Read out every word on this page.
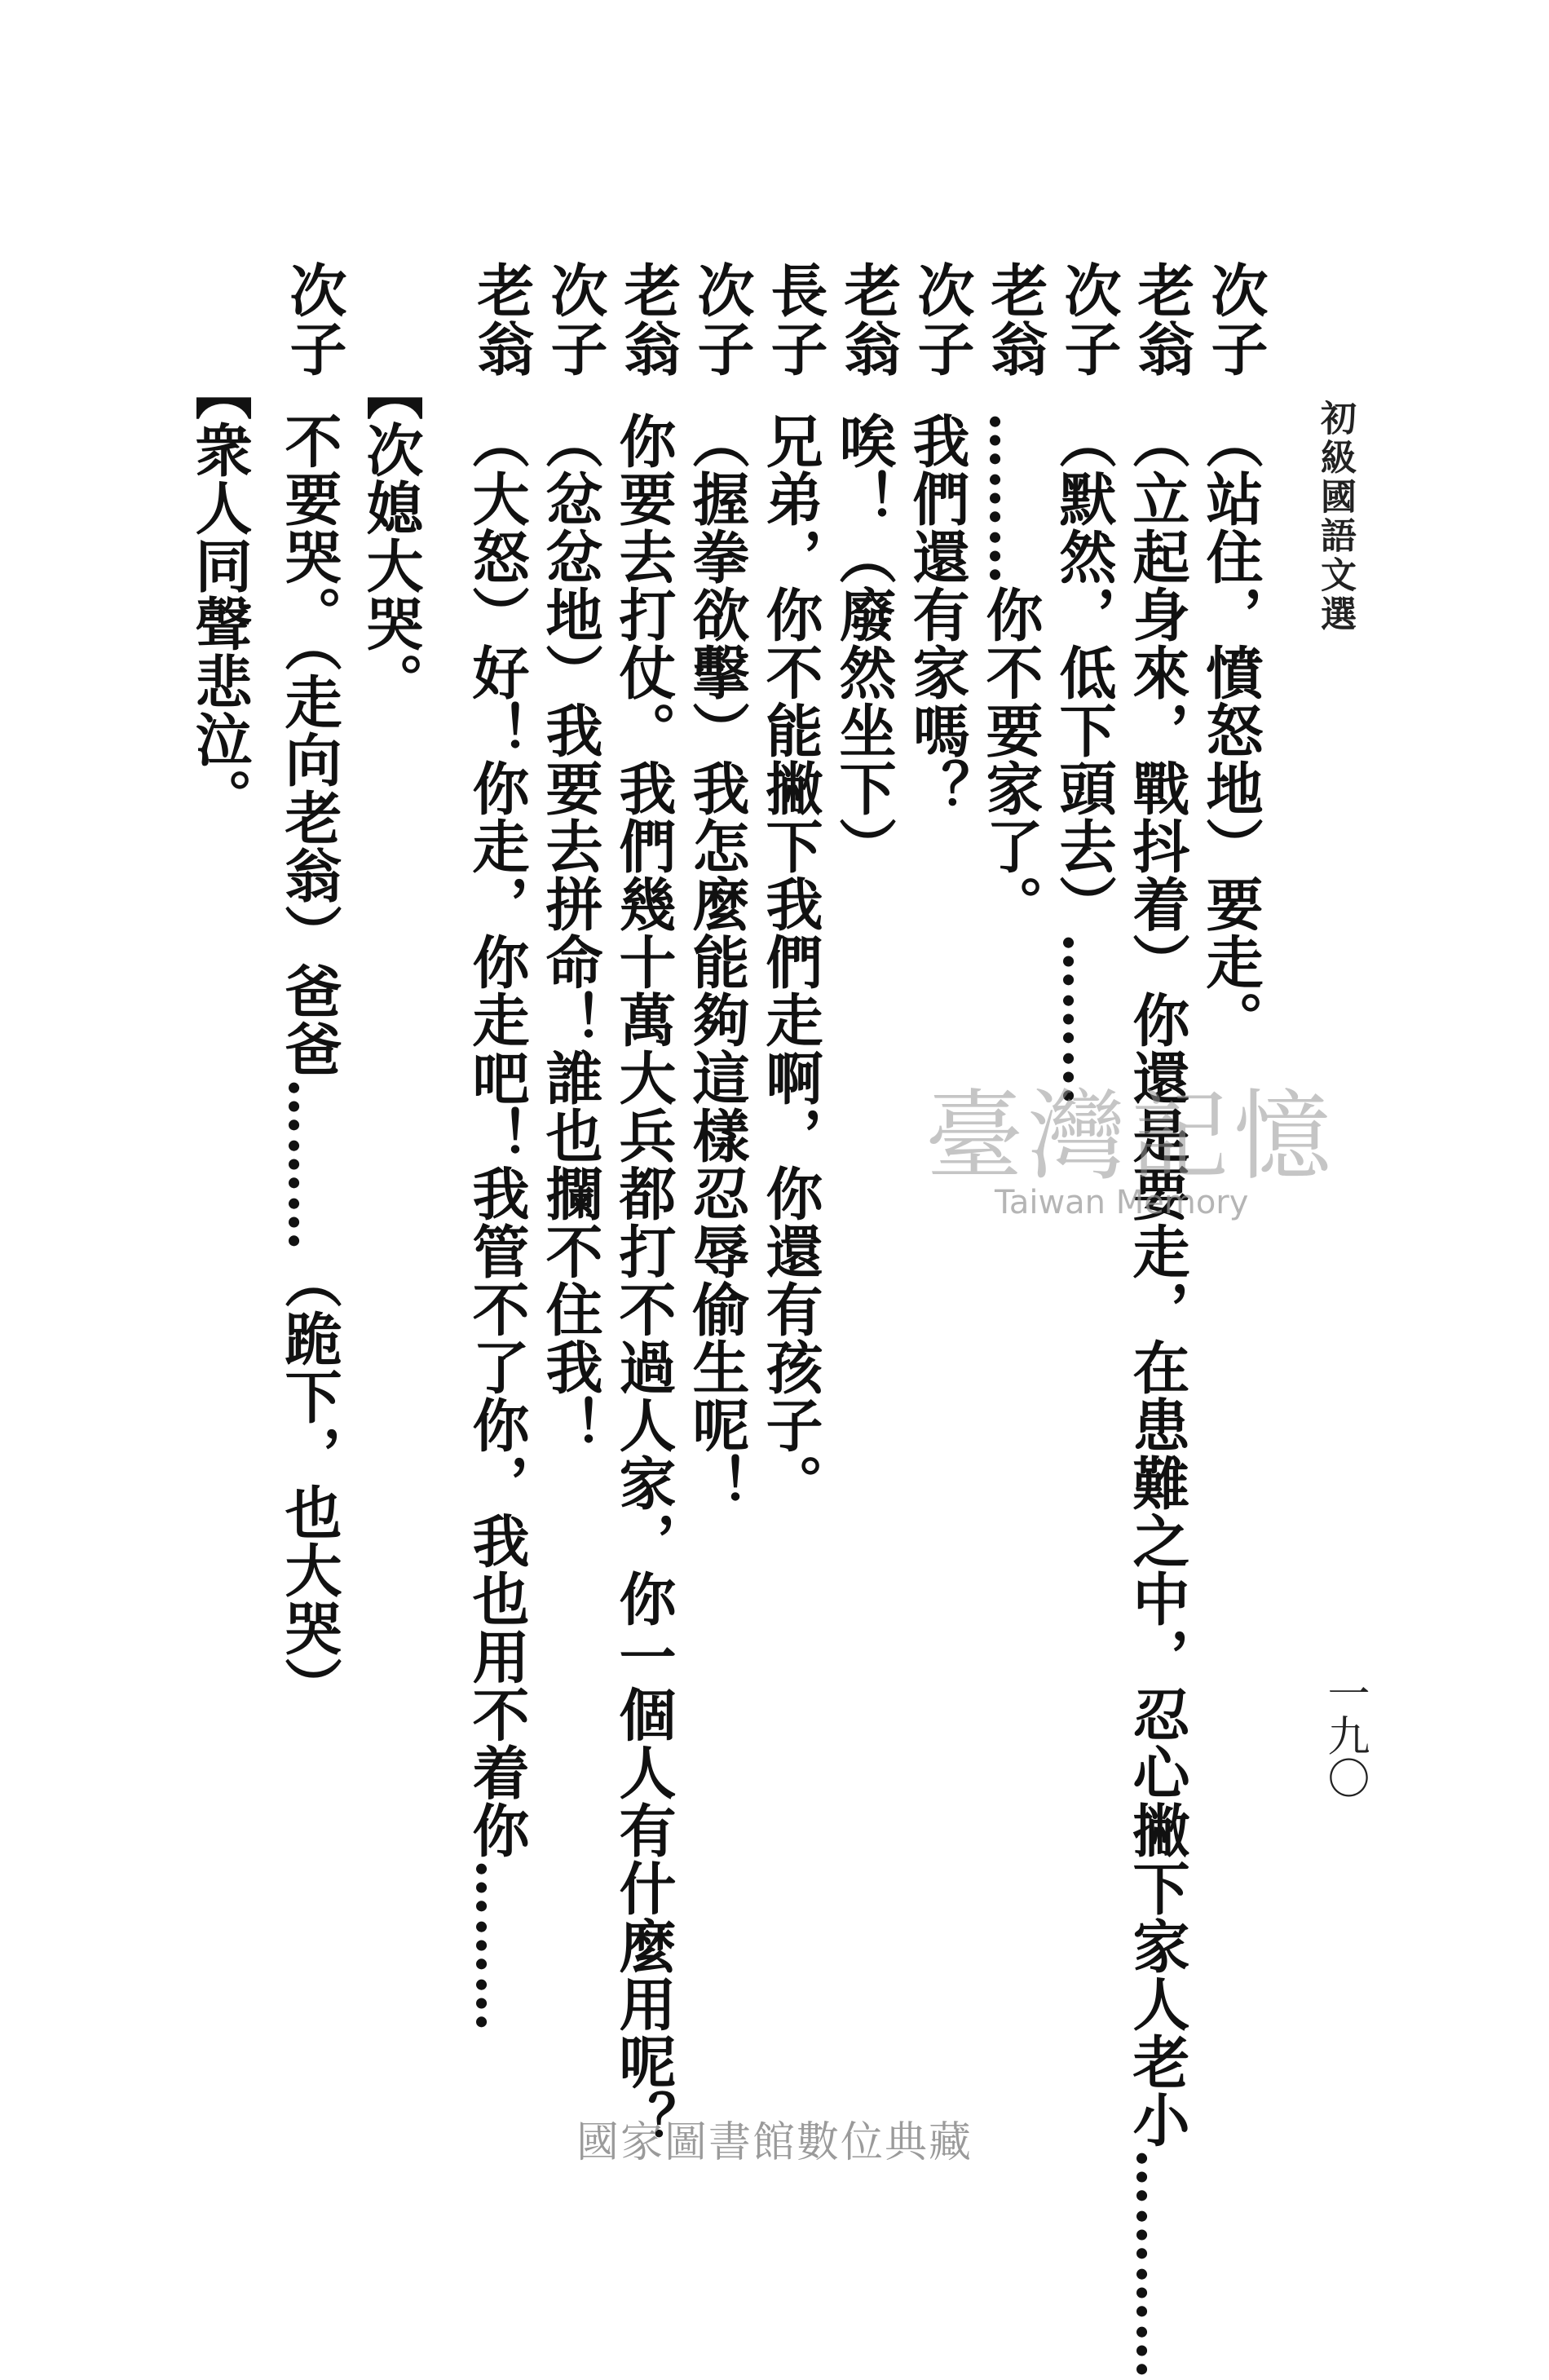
初級國語文選
一九〇
次子
（站住，憤怒地）要走。
老翁
（立起身來，戰抖着）你還是要走，在患難之中，忍心撇下家人老小…………
次子
（默然，低下頭去）………
老翁
………你不要家了。
次子
我們還有家嗎？
老翁
唉！（廢然坐下）
長子
兄弟，你不能撇下我們走啊，你還有孩子。
次子
（握拳欲擊）我怎麼能夠這樣忍辱偷生呢！
老翁
你要去打仗。我們幾十萬大兵都打不過人家，你一個人有什麼用呢？
次子
（忿忿地）我要去拼命！誰也攔不住我！
老翁
（大怒）好！你走，你走吧！我管不了你，我也用不着你………
【次媳大哭。
次子
不要哭。（走向老翁）爸爸………（跪下，也大哭）
【衆人同聲悲泣。
臺灣記憶
Taiwan Memory
國家圖書館數位典藏
